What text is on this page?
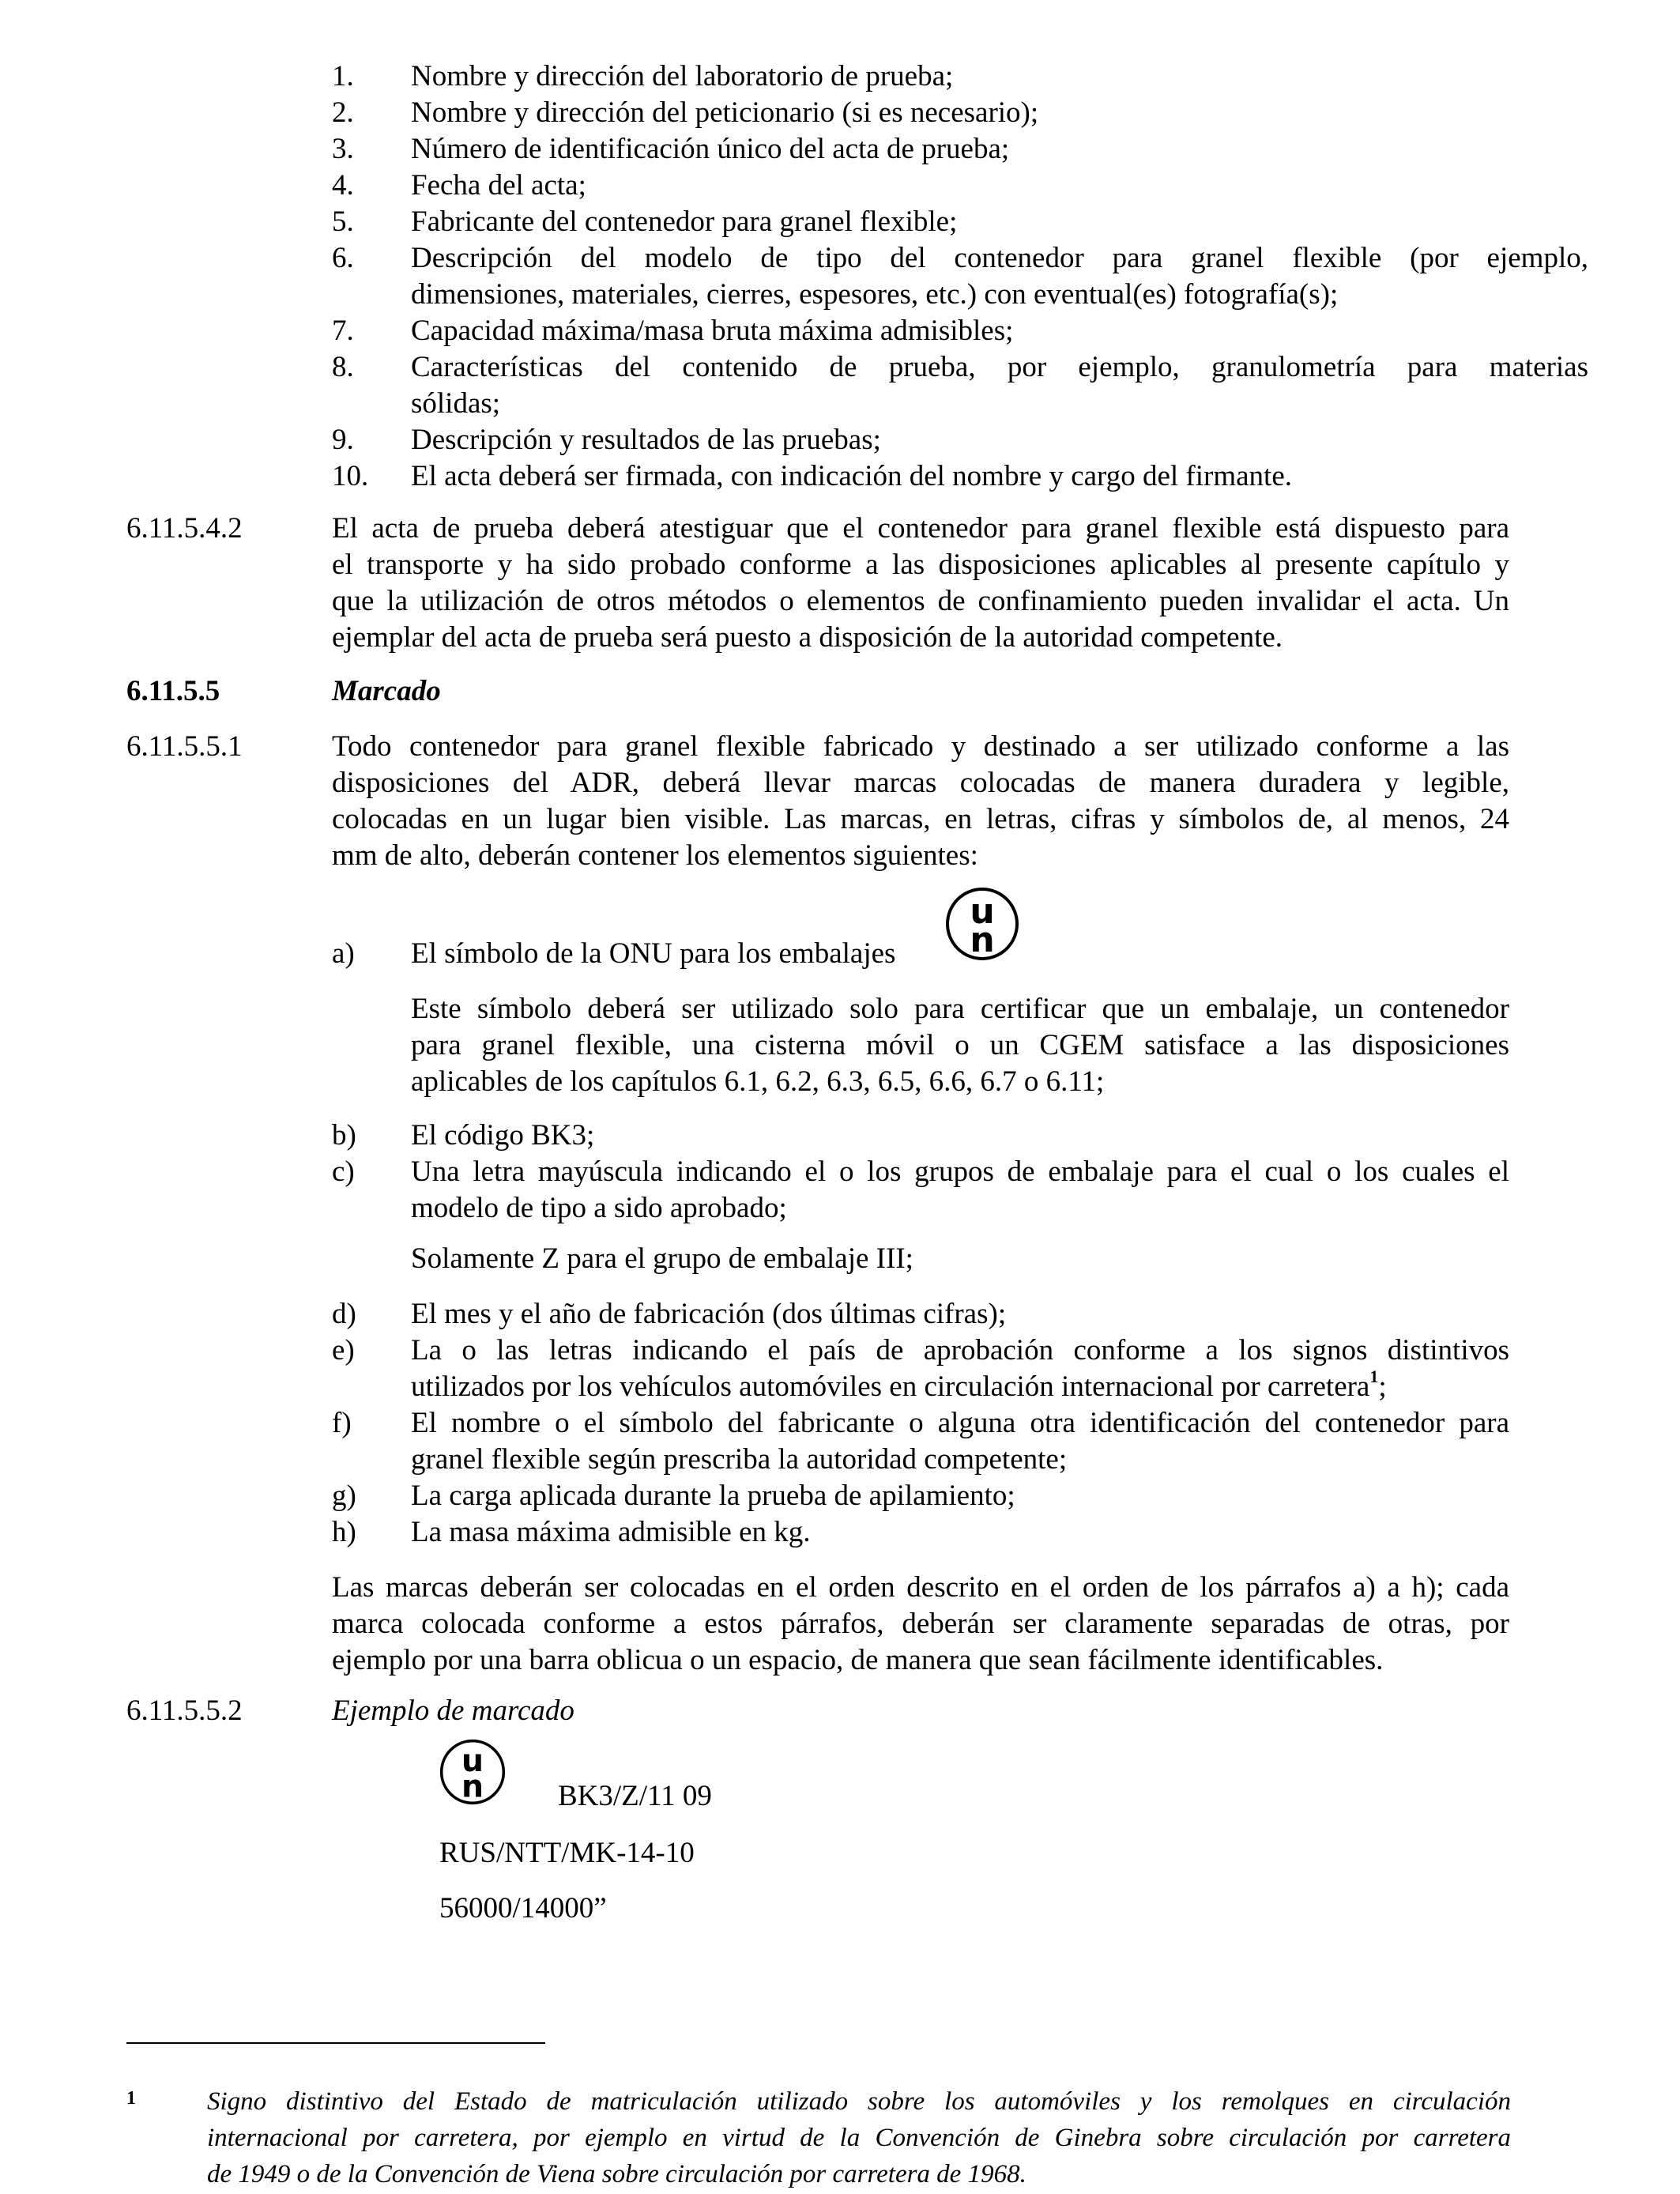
1. Nombre y dirección del laboratorio de prueba;
2. Nombre y dirección del peticionario (si es necesario);
3. Número de identificación único del acta de prueba;
4. Fecha del acta;
5. Fabricante del contenedor para granel flexible;
6. Descripción del modelo de tipo del contenedor para granel flexible (por ejemplo,
dimensiones, materiales, cierres, espesores, etc.) con eventual(es) fotografía(s);
7. Capacidad máxima/masa bruta máxima admisibles;
8. Características del contenido de prueba, por ejemplo, granulometría para materias
sólidas;
9. Descripción y resultados de las pruebas;
10. El acta deberá ser firmada, con indicación del nombre y cargo del firmante.
6.11.5.4.2	El acta de prueba deberá atestiguar que el contenedor para granel flexible está dispuesto para
el transporte y ha sido probado conforme a las disposiciones aplicables al presente capítulo y
que la utilización de otros métodos o elementos de confinamiento pueden invalidar el acta. Un
ejemplar del acta de prueba será puesto a disposición de la autoridad competente.
6.11.5.5	Marcado
6.11.5.5.1	Todo contenedor para granel flexible fabricado y destinado a ser utilizado conforme a las
disposiciones del ADR, deberá llevar marcas colocadas de manera duradera y legible,
colocadas en un lugar bien visible. Las marcas, en letras, cifras y símbolos de, al menos, 24
mm de alto, deberán contener los elementos siguientes:
a) El símbolo de la ONU para los embalajes
u
n
Este símbolo deberá ser utilizado solo para certificar que un embalaje, un contenedor
para granel flexible, una cisterna móvil o un CGEM satisface a las disposiciones
aplicables de los capítulos 6.1, 6.2, 6.3, 6.5, 6.6, 6.7 o 6.11;
b) El código BK3;
c) Una letra mayúscula indicando el o los grupos de embalaje para el cual o los cuales el
modelo de tipo a sido aprobado;
Solamente Z para el grupo de embalaje III;
d) El mes y el año de fabricación (dos últimas cifras);
e) La o las letras indicando el país de aprobación conforme a los signos distintivos
utilizados por los vehículos automóviles en circulación internacional por carretera$^1$;
f) El nombre o el símbolo del fabricante o alguna otra identificación del contenedor para
granel flexible según prescriba la autoridad competente;
g) La carga aplicada durante la prueba de apilamiento;
h) La masa máxima admisible en kg.
Las marcas deberán ser colocadas en el orden descrito en el orden de los párrafos a) a h); cada
marca colocada conforme a estos párrafos, deberán ser claramente separadas de otras, por
ejemplo por una barra oblicua o un espacio, de manera que sean fácilmente identificables.
6.11.5.5.2	Ejemplo de marcado
u
n	BK3/Z/11 09
RUS/NTT/MK-14-10
56000/14000”
1	Signo distintivo del Estado de matriculación utilizado sobre los automóviles y los remolques en circulación
internacional por carretera, por ejemplo en virtud de la Convención de Ginebra sobre circulación por carretera
de 1949 o de la Convención de Viena sobre circulación por carretera de 1968.
